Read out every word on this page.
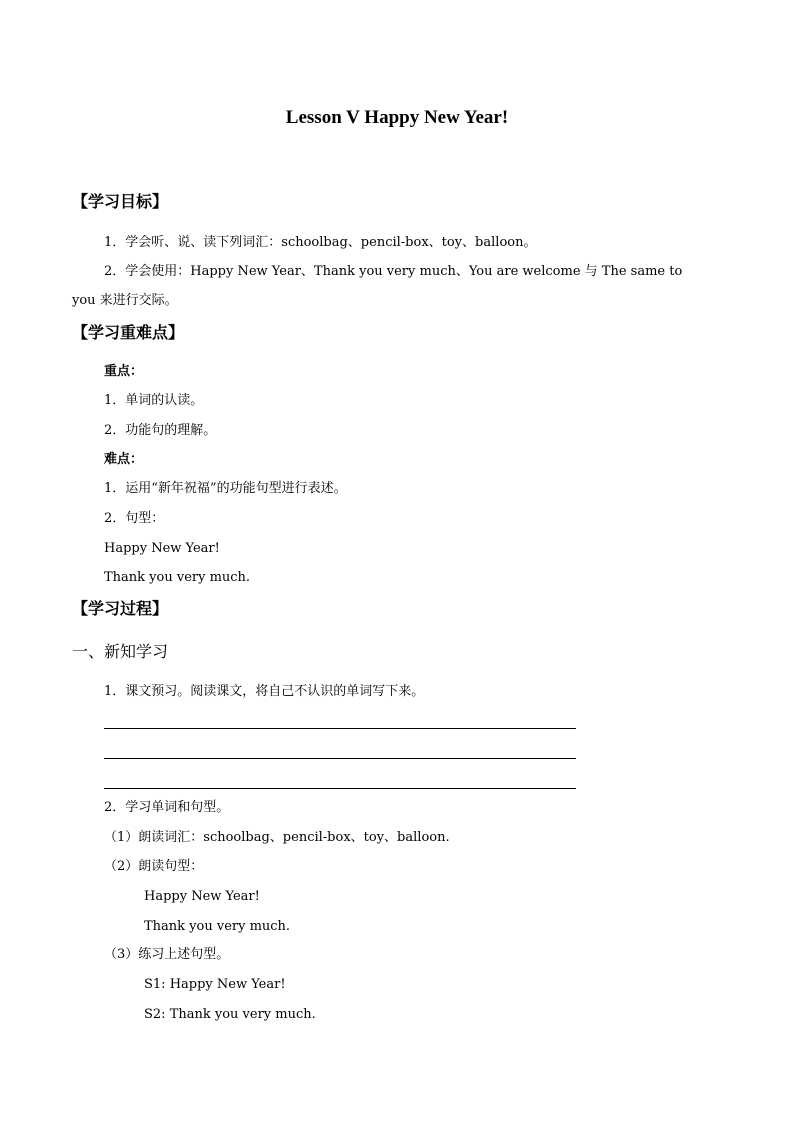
Lesson V Happy New Year!

【学习目标】

1．学会听、说、读下列词汇：schoolbag、pencil-box、toy、balloon。

2．学会使用：Happy New Year、Thank you very much、You are welcome 与 The same to

you 来进行交际。

【学习重难点】

重点：

1．单词的认读。

2．功能句的理解。

难点：

1．运用“新年祝福”的功能句型进行表述。

2．句型：

Happy New Year!

Thank you very much.

【学习过程】

一、新知学习

1．课文预习。阅读课文，将自己不认识的单词写下来。

2．学习单词和句型。

（1）朗读词汇：schoolbag、pencil-box、toy、balloon.

（2）朗读句型：

Happy New Year!

Thank you very much.

（3）练习上述句型。

S1: Happy New Year!

S2: Thank you very much.
